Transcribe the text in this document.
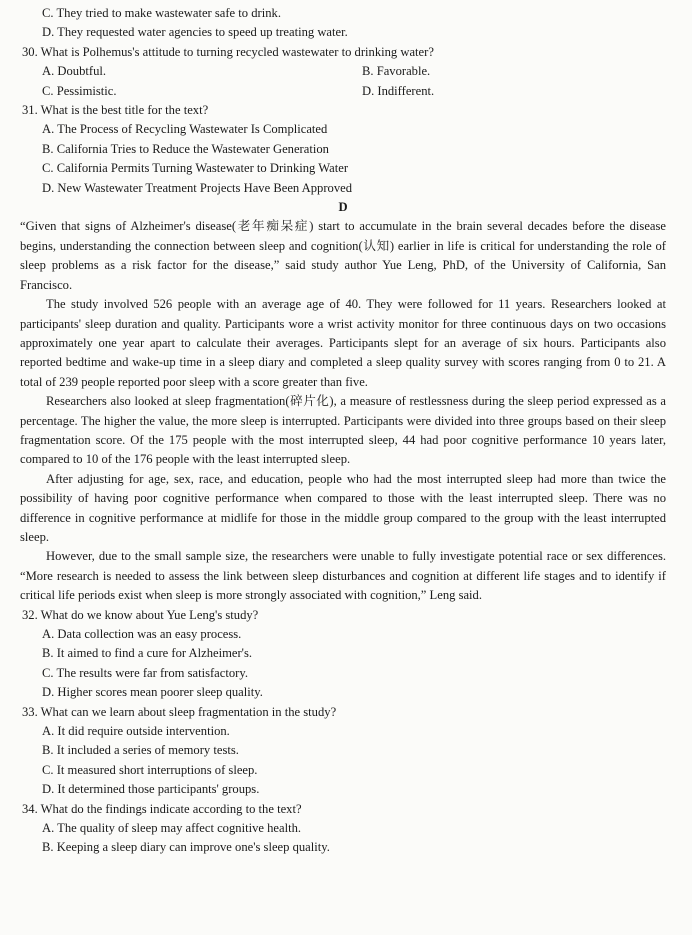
C. They tried to make wastewater safe to drink.
D. They requested water agencies to speed up treating water.
30. What is Polhemus's attitude to turning recycled wastewater to drinking water?
A. Doubtful.	B. Favorable.
C. Pessimistic.	D. Indifferent.
31. What is the best title for the text?
A. The Process of Recycling Wastewater Is Complicated
B. California Tries to Reduce the Wastewater Generation
C. California Permits Turning Wastewater to Drinking Water
D. New Wastewater Treatment Projects Have Been Approved
D

“Given that signs of Alzheimer's disease(老年痴呆症) start to accumulate in the brain several decades before the disease begins, understanding the connection between sleep and cognition(认知) earlier in life is critical for understanding the role of sleep problems as a risk factor for the disease,” said study author Yue Leng, PhD, of the University of California, San Francisco.

The study involved 526 people with an average age of 40. They were followed for 11 years. Researchers looked at participants' sleep duration and quality. Participants wore a wrist activity monitor for three continuous days on two occasions approximately one year apart to calculate their averages. Participants slept for an average of six hours. Participants also reported bedtime and wake-up time in a sleep diary and completed a sleep quality survey with scores ranging from 0 to 21. A total of 239 people reported poor sleep with a score greater than five.

Researchers also looked at sleep fragmentation(碎片化), a measure of restlessness during the sleep period expressed as a percentage. The higher the value, the more sleep is interrupted. Participants were divided into three groups based on their sleep fragmentation score. Of the 175 people with the most interrupted sleep, 44 had poor cognitive performance 10 years later, compared to 10 of the 176 people with the least interrupted sleep.

After adjusting for age, sex, race, and education, people who had the most interrupted sleep had more than twice the possibility of having poor cognitive performance when compared to those with the least interrupted sleep. There was no difference in cognitive performance at midlife for those in the middle group compared to the group with the least interrupted sleep.

However, due to the small sample size, the researchers were unable to fully investigate potential race or sex differences. “More research is needed to assess the link between sleep disturbances and cognition at different life stages and to identify if critical life periods exist when sleep is more strongly associated with cognition,” Leng said.

32. What do we know about Yue Leng's study?
A. Data collection was an easy process.
B. It aimed to find a cure for Alzheimer's.
C. The results were far from satisfactory.
D. Higher scores mean poorer sleep quality.
33. What can we learn about sleep fragmentation in the study?
A. It did require outside intervention.
B. It included a series of memory tests.
C. It measured short interruptions of sleep.
D. It determined those participants' groups.
34. What do the findings indicate according to the text?
A. The quality of sleep may affect cognitive health.
B. Keeping a sleep diary can improve one's sleep quality.
